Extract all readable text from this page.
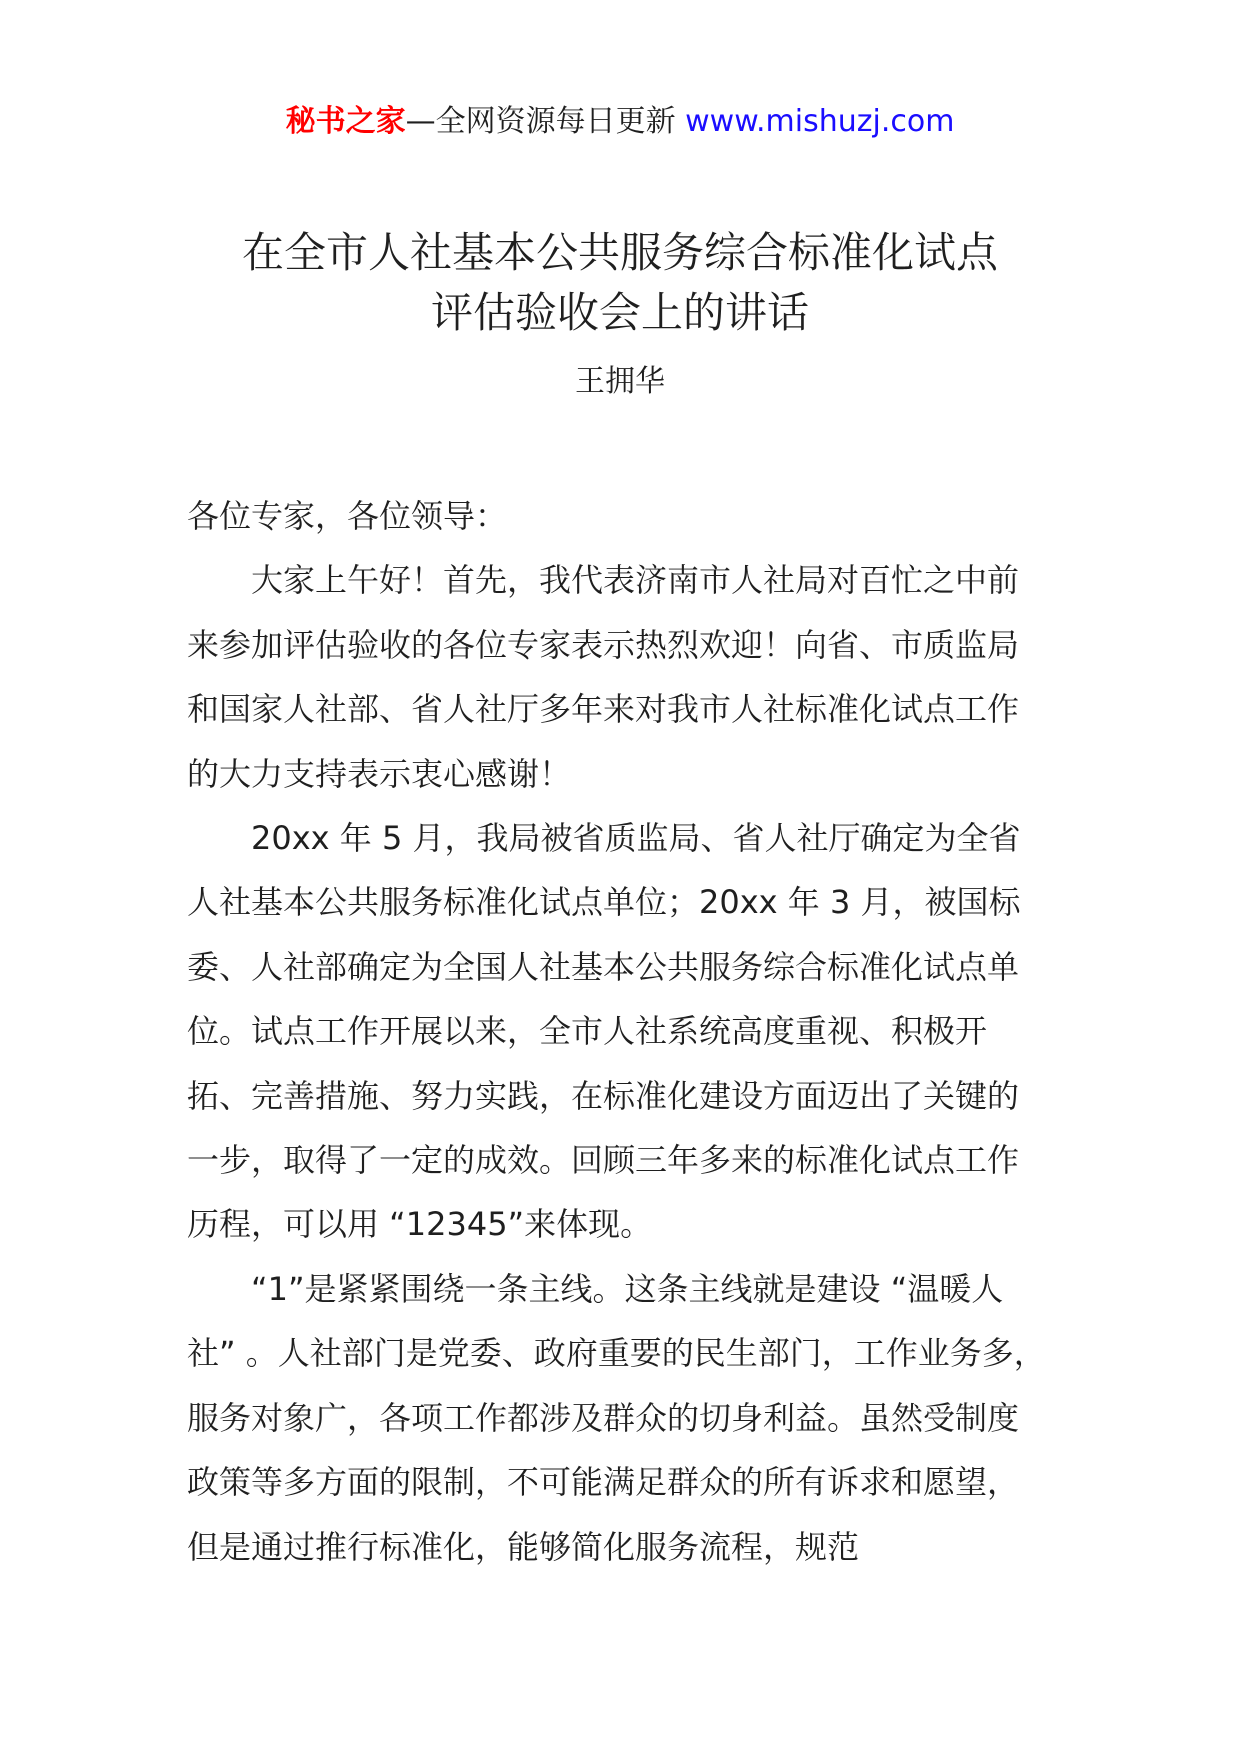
秘书之家—全网资源每日更新 www.mishuzj.com
在全市人社基本公共服务综合标准化试点
评估验收会上的讲话
王拥华

各位专家，各位领导：

大家上午好！首先，我代表济南市人社局对百忙之中前来参加评估验收的各位专家表示热烈欢迎！向省、市质监局和国家人社部、省人社厅多年来对我市人社标准化试点工作的大力支持表示衷心感谢！

20xx 年 5 月，我局被省质监局、省人社厅确定为全省人社基本公共服务标准化试点单位；20xx 年 3 月，被国标委、人社部确定为全国人社基本公共服务综合标准化试点单位。试点工作开展以来，全市人社系统高度重视、积极开拓、完善措施、努力实践，在标准化建设方面迈出了关键的一步，取得了一定的成效。回顾三年多来的标准化试点工作历程，可以用 “12345”来体现。

“1”是紧紧围绕一条主线。这条主线就是建设 “温暖人社” 。人社部门是党委、政府重要的民生部门，工作业务多，服务对象广，各项工作都涉及群众的切身利益。虽然受制度政策等多方面的限制，不可能满足群众的所有诉求和愿望，但是通过推行标准化，能够简化服务流程，规范
